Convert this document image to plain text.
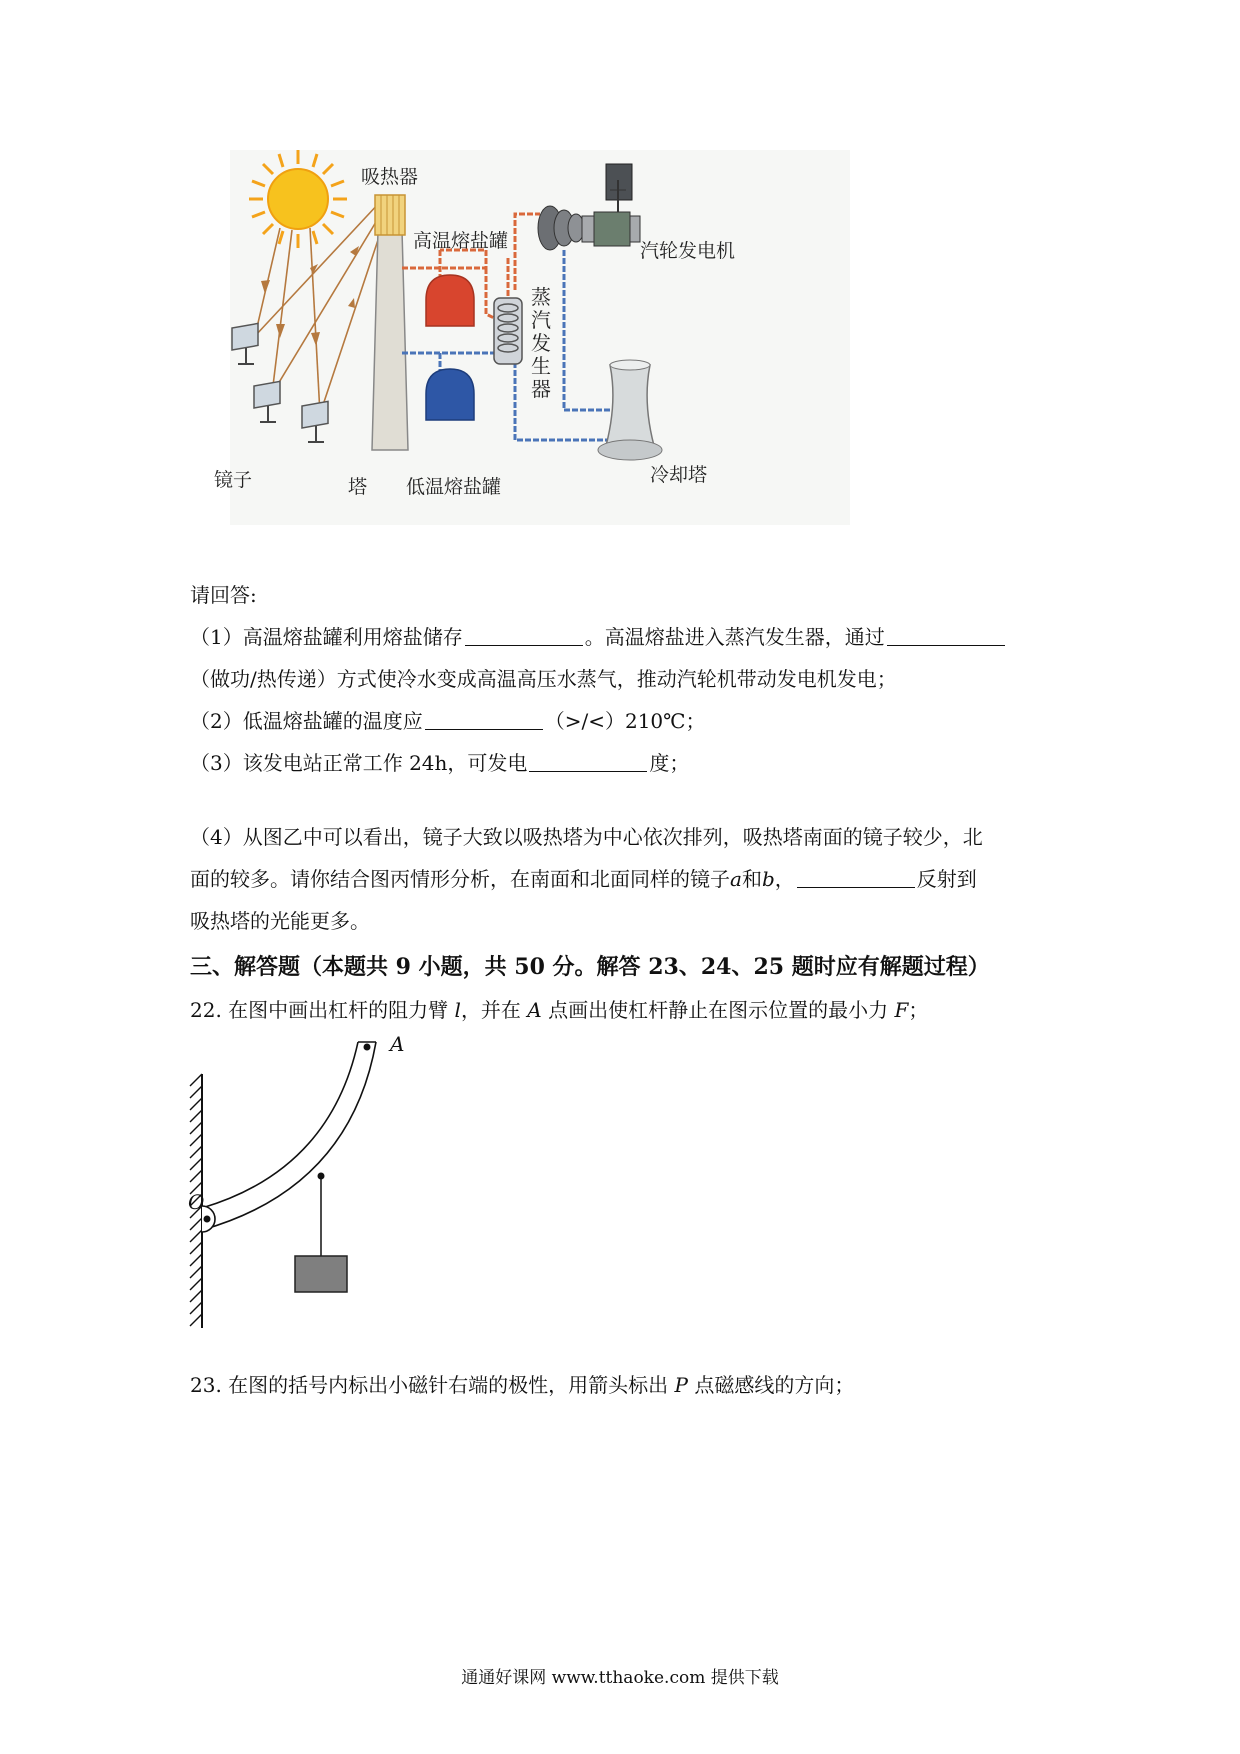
吸热器
高温熔盐罐	汽轮发电机
蒸
汽
发
生
器
镜子	塔 低温熔盐罐
冷却塔
请回答:
（1）高温熔盐罐利用熔盐储存	。高温熔盐进入蒸汽发生器，通过
（做功/热传递）方式使冷水变成高温高压水蒸气，推动汽轮机带动发电机发电；
（2）低温熔盐罐的温度应	（>/<）210℃；
（3）该发电站正常工作 24h，可发电	度；
（4）从图乙中可以看出，镜子大致以吸热塔为中心依次排列，吸热塔南面的镜子较少，北
面的较多。请你结合图丙情形分析，在南面和北面同样的镜子a和b，	反射到
吸热塔的光能更多。
三、解答题（本题共 9 小题，共 50 分。解答 23、24、25 题时应有解题过程）
22. 在图中画出杠杆的阻力臂 l，并在 A 点画出使杠杆静止在图示位置的最小力 F；
A
O
23. 在图的括号内标出小磁针右端的极性，用箭头标出 P 点磁感线的方向；
通通好课网 www.tthaoke.com 提供下载
